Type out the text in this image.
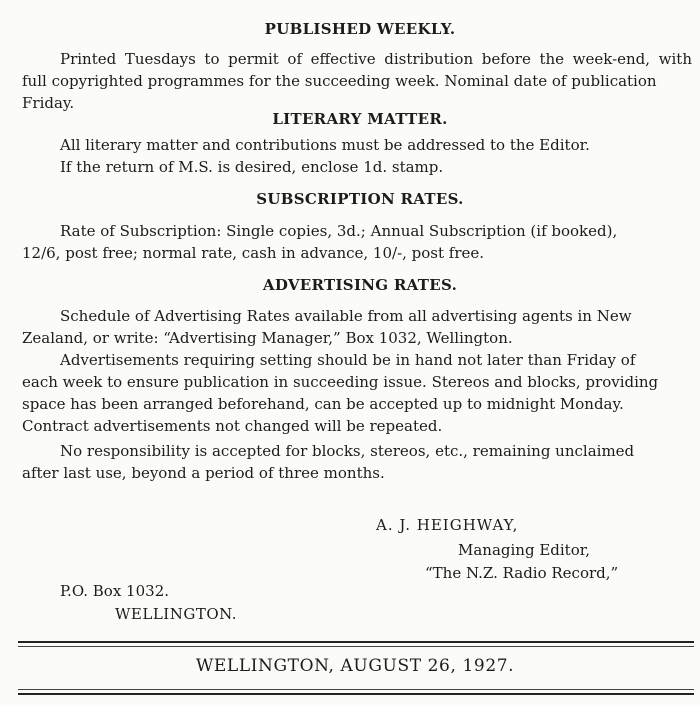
PUBLISHED WEEKLY.
Printed Tuesdays to permit of effective distribution before the week-end, with
full copyrighted programmes for the succeeding week. Nominal date of publication
Friday.
LITERARY MATTER.
All literary matter and contributions must be addressed to the Editor.
If the return of M.S. is desired, enclose 1d. stamp.
SUBSCRIPTION RATES.
Rate of Subscription: Single copies, 3d.; Annual Subscription (if booked),
12/6, post free; normal rate, cash in advance, 10/-, post free.
ADVERTISING RATES.
Schedule of Advertising Rates available from all advertising agents in New
Zealand, or write: “Advertising Manager,” Box 1032, Wellington.
Advertisements requiring setting should be in hand not later than Friday of
each week to ensure publication in succeeding issue. Stereos and blocks, providing
space has been arranged beforehand, can be accepted up to midnight Monday.
Contract advertisements not changed will be repeated.
No responsibility is accepted for blocks, stereos, etc., remaining unclaimed
after last use, beyond a period of three months.
A. J. HEIGHWAY,
Managing Editor,
“The N.Z. Radio Record,”
P.O. Box 1032.
WELLINGTON.
WELLINGTON, AUGUST 26, 1927.
